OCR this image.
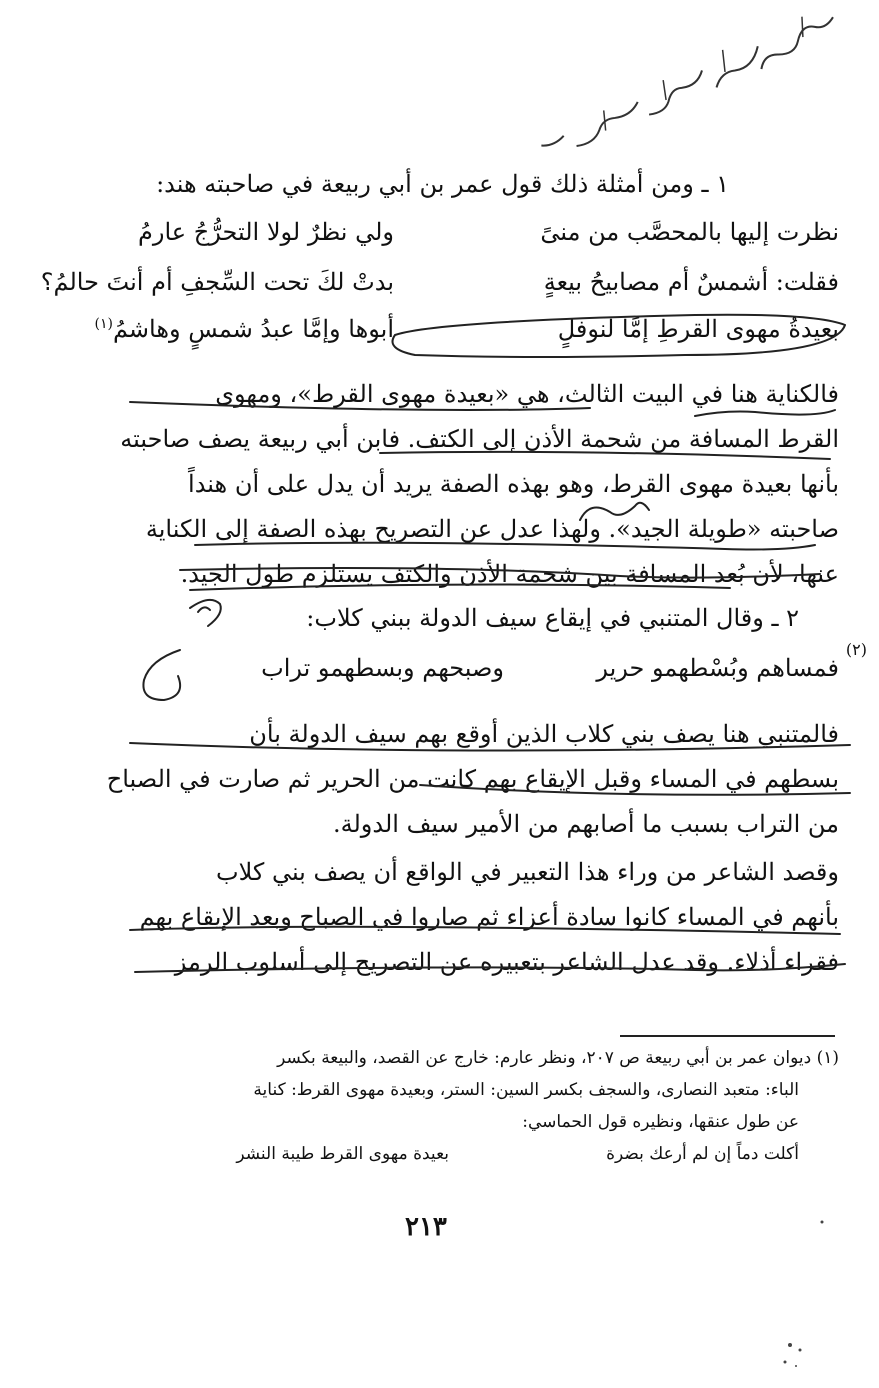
١ ـ ومن أمثلة ذلك قول عمر بن أبي ربيعة في صاحبته هند:
نظرت إليها بالمحصَّب من منىً
ولي نظرٌ لولا التحرُّجُ عارمُ
فقلت: أشمسٌ أم مصابيحُ بيعةٍ
بدتْ لكَ تحت السِّجفِ أم أنتَ حالمُ؟
بعيدةُ مهوى القرطِ إمَّا لنوفلٍ
أبوها وإمَّا عبدُ شمسٍ وهاشمُ$^{(١)}$
فالكناية هنا في البيت الثالث، هي «بعيدة مهوى القرط»، ومهوى
القرط المسافة من شحمة الأذن إلى الكتف. فابن أبي ربيعة يصف صاحبته
بأنها بعيدة مهوى القرط، وهو بهذه الصفة يريد أن يدل على أن هنداً
صاحبته «طويلة الجيد». ولهذا عدل عن التصريح بهذه الصفة إلى الكناية
عنها، لأن بُعد المسافة بين شحمة الأذن والكتف يستلزم طول الجيد.
٢ ـ وقال المتنبي في إيقاع سيف الدولة ببني كلاب:
فمساهم وبُسْطهمو حرير
وصبحهم وبسطهمو تراب
(٢)
فالمتنبي هنا يصف بني كلاب الذين أوقع بهم سيف الدولة بأن
بسطهم في المساء وقبل الإيقاع بهم كانت من الحرير ثم صارت في الصباح
من التراب بسبب ما أصابهم من الأمير سيف الدولة.
وقصد الشاعر من وراء هذا التعبير في الواقع أن يصف بني كلاب
بأنهم في المساء كانوا سادة أعزاء ثم صاروا في الصباح وبعد الإيقاع بهم
فقراء أذلاء. وقد عدل الشاعر بتعبيره عن التصريح إلى أسلوب الرمز
(١) ديوان عمر بن أبي ربيعة ص ٢٠٧، ونظر عارم: خارج عن القصد، والبيعة بكسر
الباء: متعبد النصارى، والسجف بكسر السين: الستر، وبعيدة مهوى القرط: كناية
عن طول عنقها، ونظيره قول الحماسي:
أكلت دماً إن لم أرعك بضرة
بعيدة مهوى القرط طيبة النشر
٢١٣
